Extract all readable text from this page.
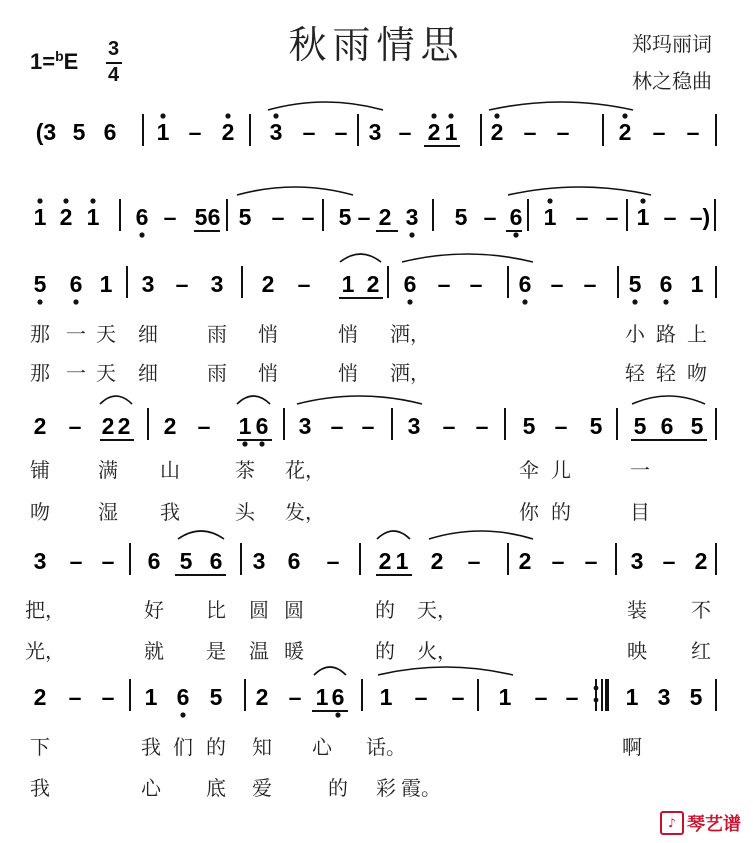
秋雨情思	郑玛丽词
林之稳曲
1=$^b$E 3
4
(3 5 6 1 – 2 3 – – 3 – 2 1 2 – – 2 – –
1 2 1 6 – 5 6 5 – – 5 – 2 3 5 – 6 1 – – 1 – –)
5 6 1 3 – 3 2 – 1 2 6 – – 6 – – 5 6 1
2 – 2 2 2 – 1 6 3 – – 3 – – 5 – 5 5 6 5
3 – – 6 5 6 3 6 – 2 1 2 – 2 – – 3 – 2
2 – – 1 6 5 2 – 1 6 1 – – 1 – – 1 3 5
那 一 天 细 雨 悄	悄 洒，	小 路 上
那 一 天 细 雨 悄	悄 洒，	轻 轻 吻
铺 满 山	茶 花，	伞 儿	一
吻 湿 我	头 发，	你 的	目
把，	好 比 圆 圆	的 天，	装 不
光，	就 是 温 暖	的 火，	映 红
下	我 们 的 知 心 话。	啊
我	心 底 爱	的 彩 霞。
♪ 琴艺谱
